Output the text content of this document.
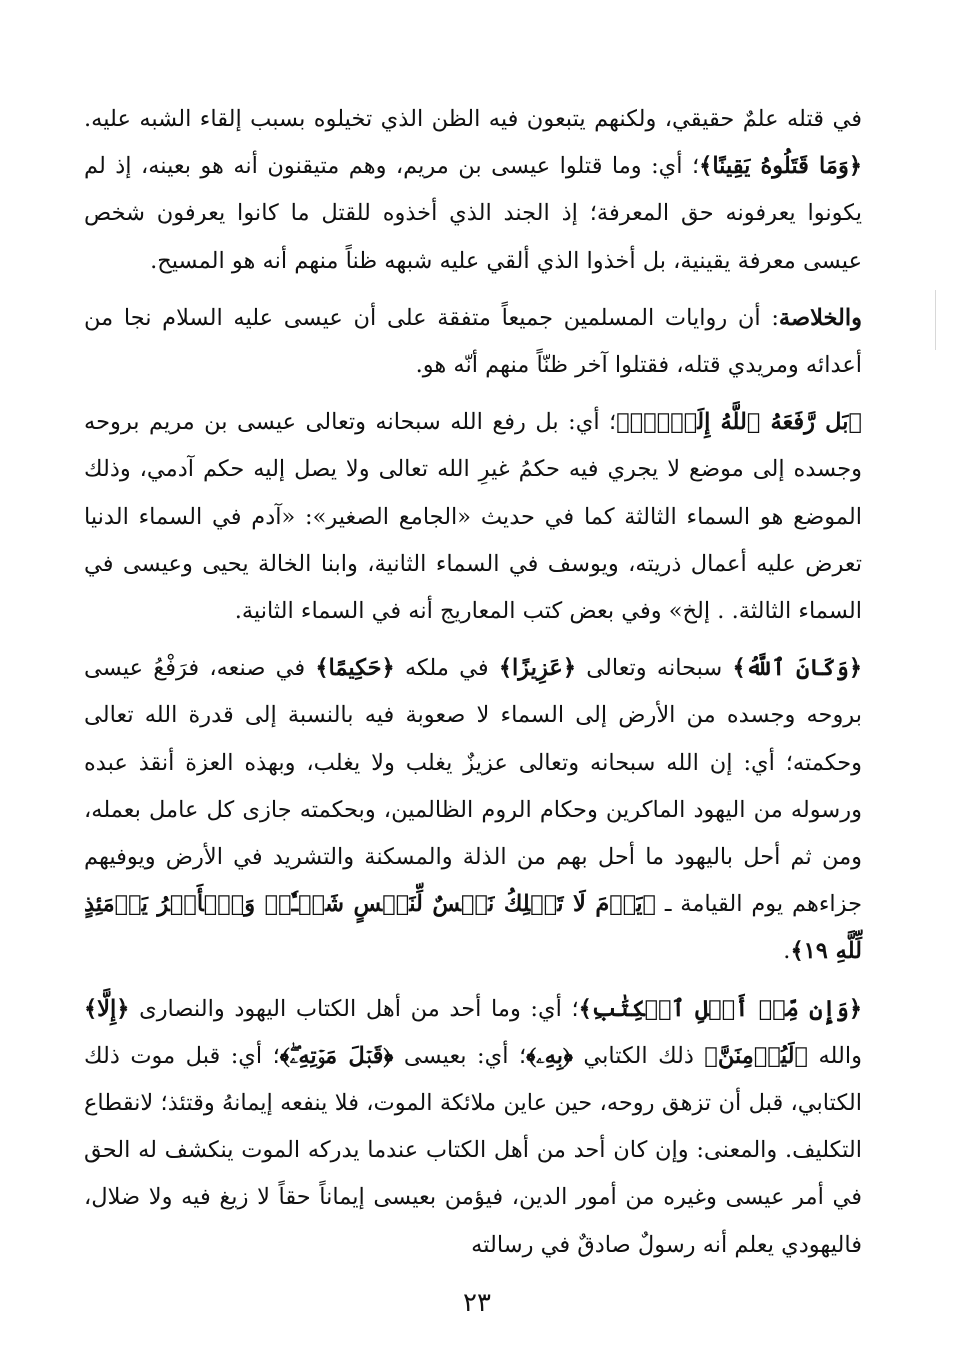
في قتله علمٌ حقيقي، ولكنهم يتبعون فيه الظن الذي تخيلوه بسبب إلقاء الشبه عليه. ﴿وَمَا قَتَلُوهُ يَقِينًا﴾؛ أي: وما قتلوا عيسى بن مريم، وهم متيقنون أنه هو بعينه، إذ لم يكونوا يعرفونه حق المعرفة؛ إذ الجند الذي أخذوه للقتل ما كانوا يعرفون شخص عيسى معرفة يقينية، بل أخذوا الذي ألقي عليه شبهه ظناً منهم أنه هو المسيح.

والخلاصة: أن روايات المسلمين جميعاً متفقة على أن عيسى عليه السلام نجا من أعدائه ومريدي قتله، فقتلوا آخر ظنّاً منهم أنّه هو.

﴿بَل رَّفَعَهُ ٱللَّهُ إِلَيۡهِۚ﴾؛ أي: بل رفع الله سبحانه وتعالى عيسى بن مريم بروحه وجسده إلى موضع لا يجري فيه حكمُ غيرِ الله تعالى ولا يصل إليه حكم آدمي، وذلك الموضع هو السماء الثالثة كما في حديث «الجامع الصغير»: «آدم في السماء الدنيا تعرض عليه أعمال ذريته، ويوسف في السماء الثانية، وابنا الخالة يحيى وعيسى في السماء الثالثة. . إلخ» وفي بعض كتب المعاريج أنه في السماء الثانية.

﴿وَكَانَ ٱللَّهُ﴾ سبحانه وتعالى ﴿عَزِيزًا﴾ في ملكه ﴿حَكِيمًا﴾ في صنعه، فرَفْعُ عيسى بروحه وجسده من الأرض إلى السماء لا صعوبة فيه بالنسبة إلى قدرة الله تعالى وحكمته؛ أي: إن الله سبحانه وتعالى عزيزٌ يغلب ولا يغلب، وبهذه العزة أنقذ عبده ورسوله من اليهود الماكرين وحكام الروم الظالمين، وبحكمته جازى كل عامل بعمله، ومن ثم أحل باليهود ما أحل بهم من الذلة والمسكنة والتشريد في الأرض ويوفيهم جزاءهم يوم القيامة ـ ﴿يَوۡمَ لَا تَمۡلِكُ نَفۡسٌ لِّنَفۡسٍ شَيۡـٔٗاۖ وَٱلۡأَمۡرُ يَوۡمَئِذٍ لِّلَّهِ ١٩﴾.

﴿وَإِن مِّنۡ أَهۡلِ ٱلۡكِتَٰبِ﴾؛ أي: وما أحد من أهل الكتاب اليهود والنصارى ﴿إِلَّا﴾ والله ﴿لَيُؤۡمِنَنَّ﴾ ذلك الكتابي ﴿بِهِۦ﴾؛ أي: بعيسى ﴿قَبۡلَ مَوۡتِهِۦۖ﴾؛ أي: قبل موت ذلك الكتابي، قبل أن تزهق روحه، حين عاين ملائكة الموت، فلا ينفعه إيمانهُ وقتئذ؛ لانقطاع التكليف. والمعنى: وإن كان أحد من أهل الكتاب عندما يدركه الموت ينكشف له الحق في أمر عيسى وغيره من أمور الدين، فيؤمن بعيسى إيماناً حقاً لا زيغ فيه ولا ضلال، فاليهودي يعلم أنه رسولٌ صادقٌ في رسالته

٢٣
